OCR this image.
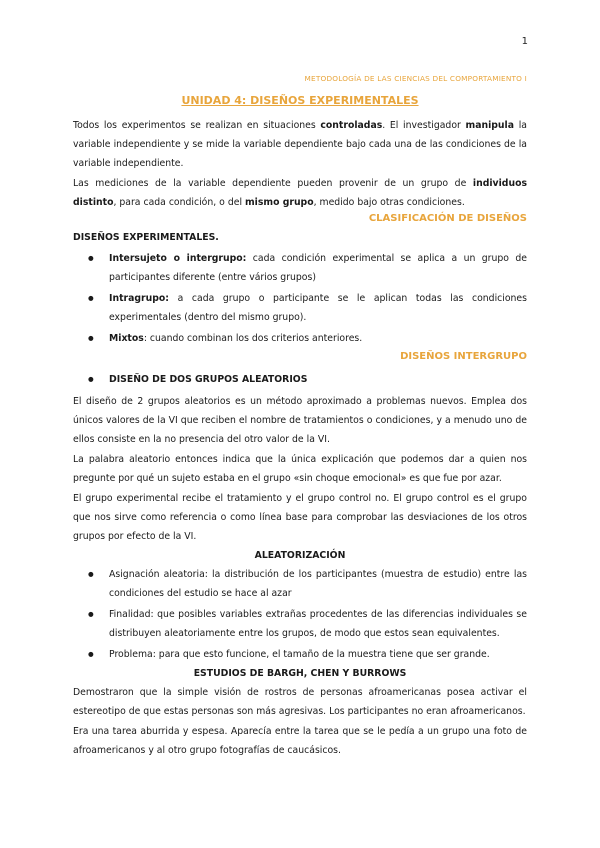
1
METODOLOGÍA DE LAS CIENCIAS DEL COMPORTAMIENTO I
UNIDAD 4: DISEÑOS EXPERIMENTALES

Todos los experimentos se realizan en situaciones controladas. El investigador manipula la variable independiente y se mide la variable dependiente bajo cada una de las condiciones de la variable independiente.

Las mediciones de la variable dependiente pueden provenir de un grupo de individuos distinto, para cada condición, o del mismo grupo, medido bajo otras condiciones.

CLASIFICACIÓN DE DISEÑOS
DISEÑOS EXPERIMENTALES.
● Intersujeto o intergrupo: cada condición experimental se aplica a un grupo de participantes diferente (entre vários grupos)
● Intragrupo: a cada grupo o participante se le aplican todas las condiciones experimentales (dentro del mismo grupo).
● Mixtos: cuando combinan los dos criterios anteriores.
DISEÑOS INTERGRUPO
● DISEÑO DE DOS GRUPOS ALEATORIOS

El diseño de 2 grupos aleatorios es un método aproximado a problemas nuevos. Emplea dos únicos valores de la VI que reciben el nombre de tratamientos o condiciones, y a menudo uno de ellos consiste en la no presencia del otro valor de la VI.

La palabra aleatorio entonces indica que la única explicación que podemos dar a quien nos pregunte por qué un sujeto estaba en el grupo «sin choque emocional» es que fue por azar.

El grupo experimental recibe el tratamiento y el grupo control no. El grupo control es el grupo que nos sirve como referencia o como línea base para comprobar las desviaciones de los otros grupos por efecto de la VI.

ALEATORIZACIÓN
● Asignación aleatoria: la distribución de los participantes (muestra de estudio) entre las condiciones del estudio se hace al azar
● Finalidad: que posibles variables extrañas procedentes de las diferencias individuales se distribuyen aleatoriamente entre los grupos, de modo que estos sean equivalentes.
● Problema: para que esto funcione, el tamaño de la muestra tiene que ser grande.
ESTUDIOS DE BARGH, CHEN Y BURROWS

Demostraron que la simple visión de rostros de personas afroamericanas posea activar el estereotipo de que estas personas son más agresivas. Los participantes no eran afroamericanos.

Era una tarea aburrida y espesa. Aparecía entre la tarea que se le pedía a un grupo una foto de afroamericanos y al otro grupo fotografías de caucásicos.
